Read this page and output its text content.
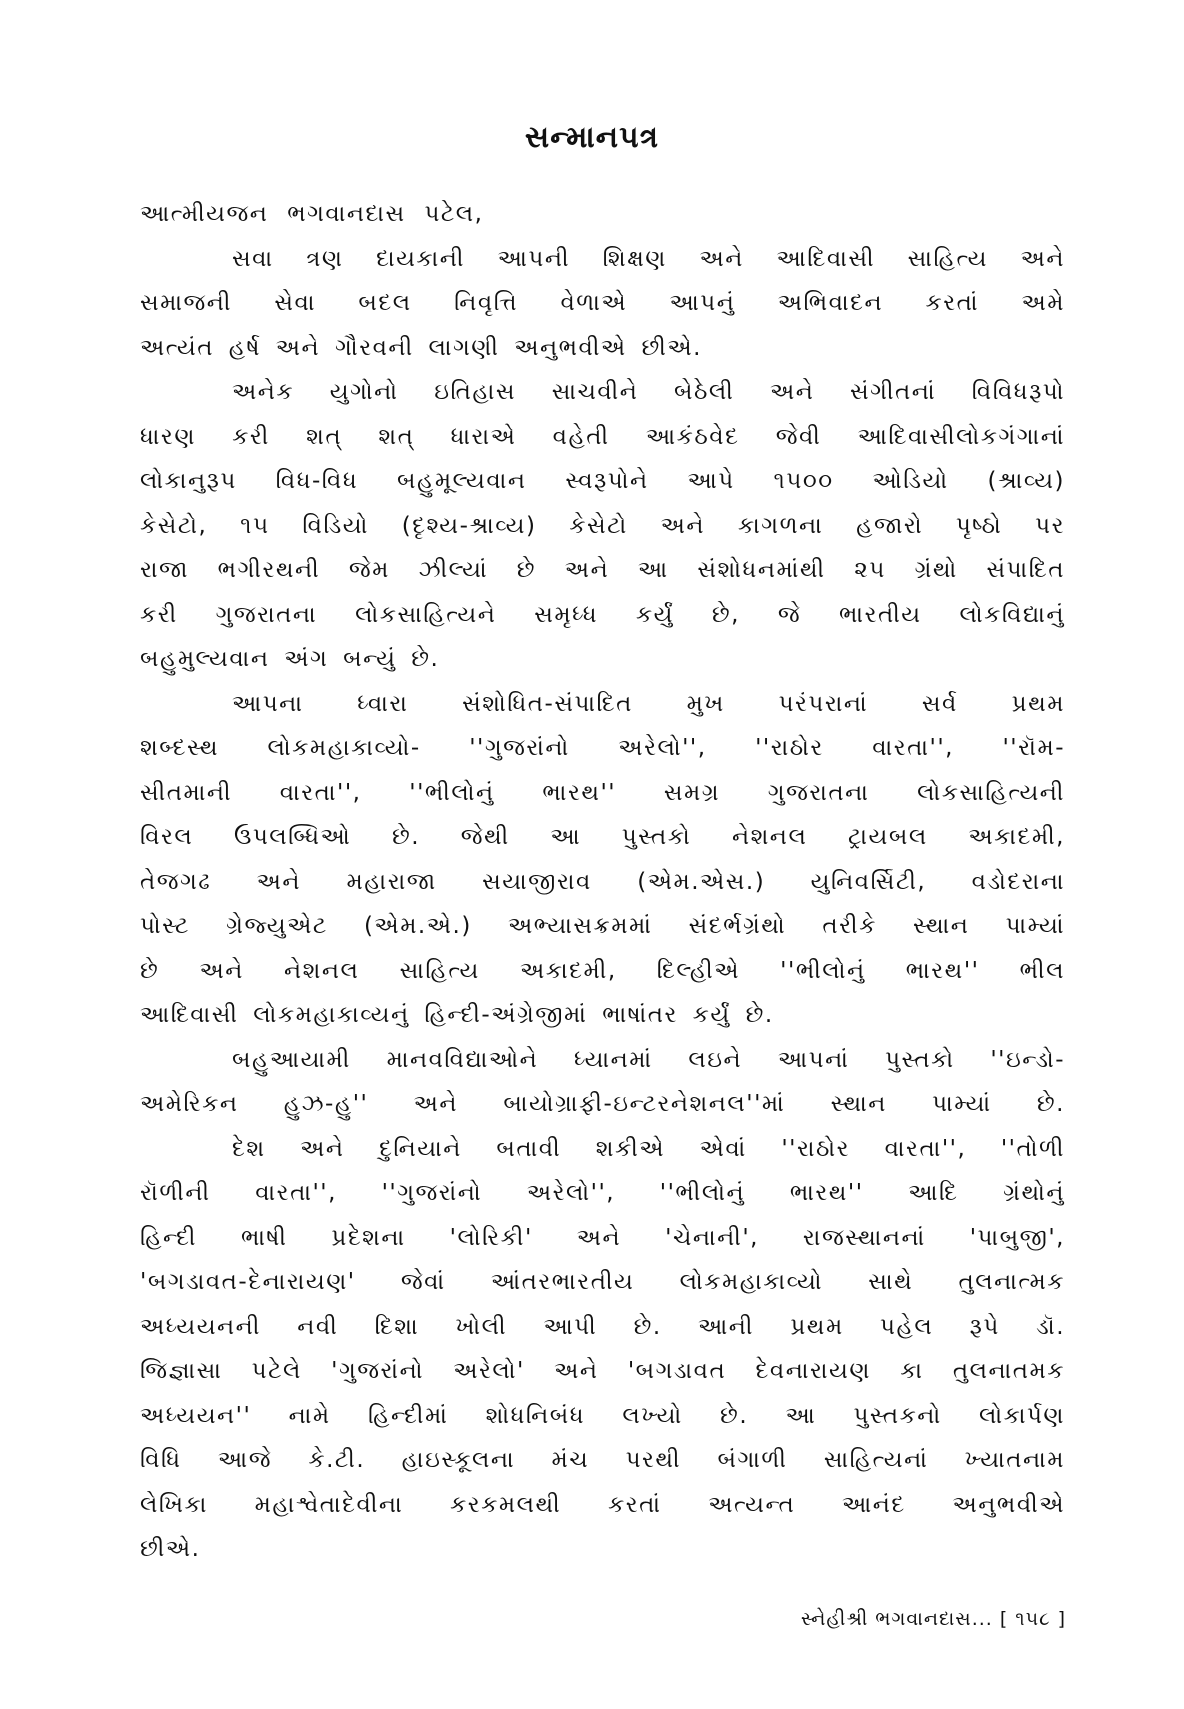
સન્માનપત્ર
આત્મીયજન ભગવાનદાસ પટેલ,
સવા ત્રણ દાયકાની આપની શિક્ષણ અને આદિવાસી સાહિત્ય અને
સમાજની સેવા બદલ નિવૃત્તિ વેળાએ આપનું અભિવાદન કરતાં અમે
અત્યંત હર્ષ અને ગૌરવની લાગણી અનુભવીએ છીએ.
અનેક યુગોનો ઇતિહાસ સાચવીને બેઠેલી અને સંગીતનાં વિવિધરૂપો
ધારણ કરી શત્ શત્ ધારાએ વહેતી આકંઠવેદ જેવી આદિવાસીલોકગંગાનાં
લોકાનુરૂપ વિધ-વિધ બહુમૂલ્યવાન સ્વરૂપોને આપે ૧૫૦૦ ઓડિયો (શ્રાવ્ય)
કેસેટો, ૧૫ વિડિયો (દૃશ્ય-શ્રાવ્ય) કેસેટો અને કાગળના હજારો પૃષ્ઠો પર
રાજા ભગીરથની જેમ ઝીલ્યાં છે અને આ સંશોધનમાંથી ૨૫ ગ્રંથો સંપાદિત
કરી ગુજરાતના લોકસાહિત્યને સમૃધ્ધ કર્યું છે, જે ભારતીય લોકવિદ્યાનું
બહુમુલ્યવાન અંગ બન્યું છે.
આપના ધ્વારા સંશોધિત-સંપાદિત મુખ પરંપરાનાં સર્વ પ્રથમ
શબ્દસ્થ લોકમહાકાવ્યો- ''ગુજરાંનો અરેલો'', ''રાઠોર વારતા'', ''રૉમ-
સીતમાની વારતા'', ''ભીલોનું ભારથ'' સમગ્ર ગુજરાતના લોકસાહિત્યની
વિરલ ઉપલબ્ધિઓ છે. જેથી આ પુસ્તકો નેશનલ ટ્રાયબલ અકાદમી,
તેજગઢ અને મહારાજા સયાજીરાવ (એમ.એસ.) યુનિવર્સિટી, વડોદરાના
પોસ્ટ ગ્રેજ્યુએટ (એમ.એ.) અભ્યાસક્રમમાં સંદર્ભગ્રંથો તરીકે સ્થાન પામ્યાં
છે અને નેશનલ સાહિત્ય અકાદમી, દિલ્હીએ ''ભીલોનું ભારથ'' ભીલ
આદિવાસી લોકમહાકાવ્યનું હિન્દી-અંગ્રેજીમાં ભાષાંતર કર્યું છે.
બહુઆયામી માનવવિદ્યાઓને ધ્યાનમાં લઇને આપનાં પુસ્તકો ''ઇન્ડો-
અમેરિકન હુઝ-હુ'' અને બાયોગ્રાફી-ઇન્ટરનેશનલ''માં સ્થાન પામ્યાં છે.
દેશ અને દુનિયાને બતાવી શકીએ એવાં ''રાઠોર વારતા'', ''તોળી
રૉળીની વારતા'', ''ગુજરાંનો અરેલો'', ''ભીલોનું ભારથ'' આદિ ગ્રંથોનું
હિન્દી ભાષી પ્રદેશના 'લોરિકી' અને 'ચેનાની', રાજસ્થાનનાં 'પાબુજી',
'બગડાવત-દેનારાયણ' જેવાં આંતરભારતીય લોકમહાકાવ્યો સાથે તુલનાત્મક
અધ્યયનની નવી દિશા ખોલી આપી છે. આની પ્રથમ પહેલ રૂપે ડૉ.
જિજ્ઞાસા પટેલે 'ગુજરાંનો અરેલો' અને 'બગડાવત દેવનારાયણ કા તુલનાતમક
અધ્યયન'' નામે હિન્દીમાં શોધનિબંધ લખ્યો છે. આ પુસ્તકનો લોકાર્પણ
વિધિ આજે કે.ટી. હાઇસ્કૂલના મંચ પરથી બંગાળી સાહિત્યનાં ખ્યાતનામ
લેખિકા મહાશ્વેતાદેવીના કરકમલથી કરતાં અત્યન્ત આનંદ અનુભવીએ
છીએ.
સ્નેહીશ્રી ભગવાનદાસ... [ ૧૫૮ ]
